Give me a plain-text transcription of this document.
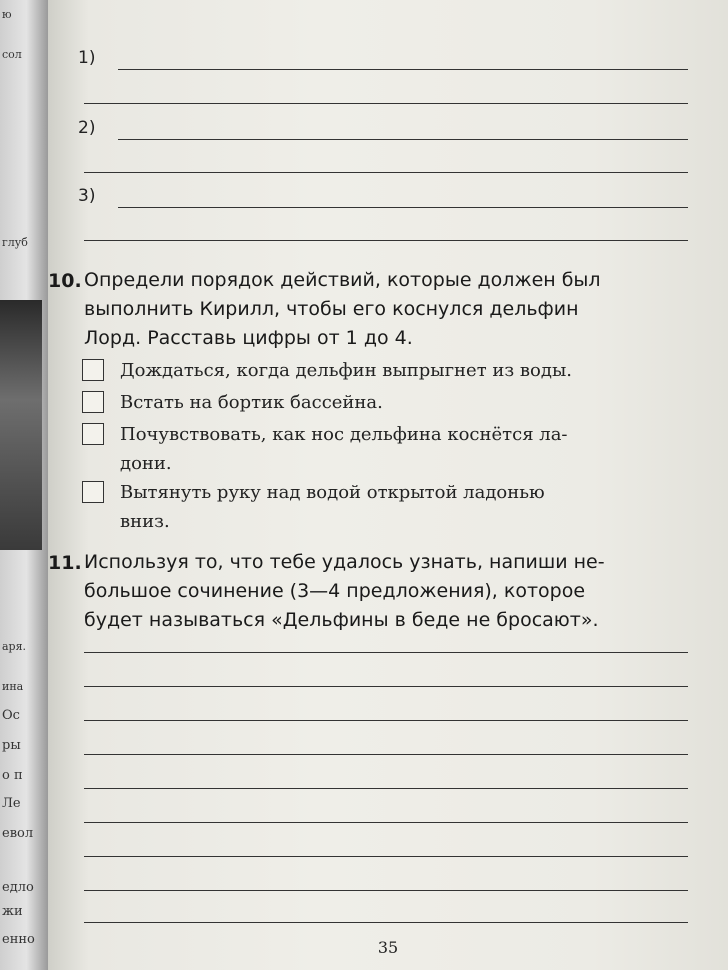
ю
сол
глуб
аря.
ина
Ос
ры
о п
Ле
евол
едло
жи
енно
1)
2)
3)
10. Определи порядок действий, которые должен был
выполнить Кирилл, чтобы его коснулся дельфин
Лорд. Расставь цифры от 1 до 4.
Дождаться, когда дельфин выпрыгнет из воды.
Встать на бортик бассейна.
Почувствовать, как нос дельфина коснётся ла-
дони.
Вытянуть руку над водой открытой ладонью
вниз.
11. Используя то, что тебе удалось узнать, напиши не-
большое сочинение (3—4 предложения), которое
будет называться «Дельфины в беде не бросают».
35
